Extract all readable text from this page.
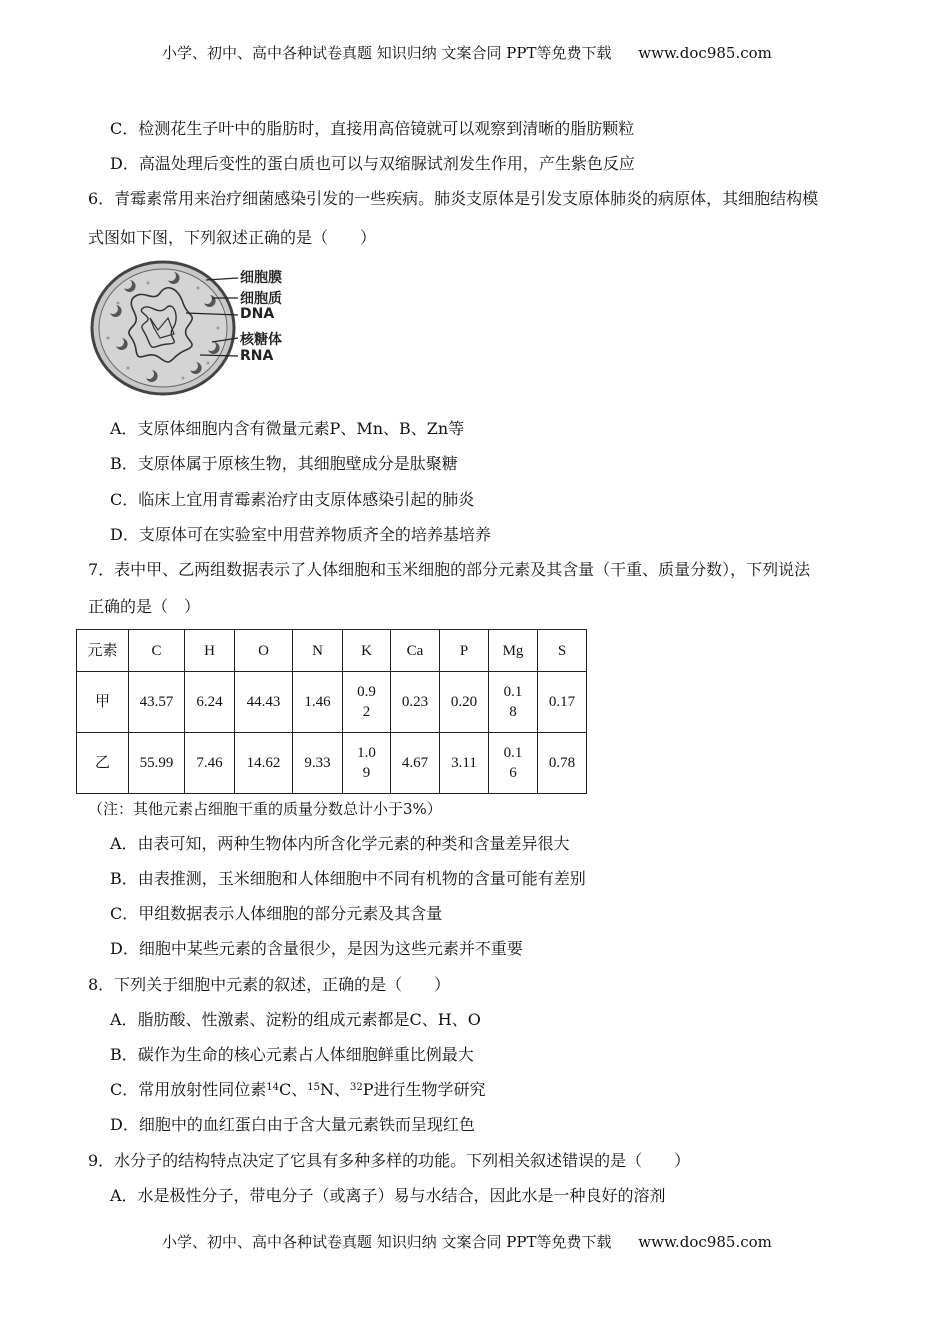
小学、初中、高中各种试卷真题 知识归纳 文案合同 PPT等免费下载 www.doc985.com
C．检测花生子叶中的脂肪时，直接用高倍镜就可以观察到清晰的脂肪颗粒
D．高温处理后变性的蛋白质也可以与双缩脲试剂发生作用，产生紫色反应
6．青霉素常用来治疗细菌感染引发的一些疾病。肺炎支原体是引发支原体肺炎的病原体，其细胞结构模
式图如下图，下列叙述正确的是（　　）
细胞膜
细胞质
DNA
核糖体
RNA
A．支原体细胞内含有微量元素P、Mn、B、Zn等
B．支原体属于原核生物，其细胞壁成分是肽聚糖
C．临床上宜用青霉素治疗由支原体感染引起的肺炎
D．支原体可在实验室中用营养物质齐全的培养基培养
7．表中甲、乙两组数据表示了人体细胞和玉米细胞的部分元素及其含量（干重、质量分数），下列说法
正确的是（　）
元素	C	H	O	N	K	Ca	P	Mg	S
甲	43.57	6.24	44.43	1.46	0.92	0.23	0.20	0.18	0.17
乙	55.99	7.46	14.62	9.33	1.09	4.67	3.11	0.16	0.78
（注：其他元素占细胞干重的质量分数总计小于3%）
A．由表可知，两种生物体内所含化学元素的种类和含量差异很大
B．由表推测，玉米细胞和人体细胞中不同有机物的含量可能有差别
C．甲组数据表示人体细胞的部分元素及其含量
D．细胞中某些元素的含量很少，是因为这些元素并不重要
8．下列关于细胞中元素的叙述，正确的是（　　）
A．脂肪酸、性激素、淀粉的组成元素都是C、H、O
B．碳作为生命的核心元素占人体细胞鲜重比例最大
C．常用放射性同位素$^{14}$C、$^{15}$N、$^{32}$P进行生物学研究
D．细胞中的血红蛋白由于含大量元素铁而呈现红色
9．水分子的结构特点决定了它具有多种多样的功能。下列相关叙述错误的是（　　）
A．水是极性分子，带电分子（或离子）易与水结合，因此水是一种良好的溶剂
小学、初中、高中各种试卷真题 知识归纳 文案合同 PPT等免费下载 www.doc985.com
